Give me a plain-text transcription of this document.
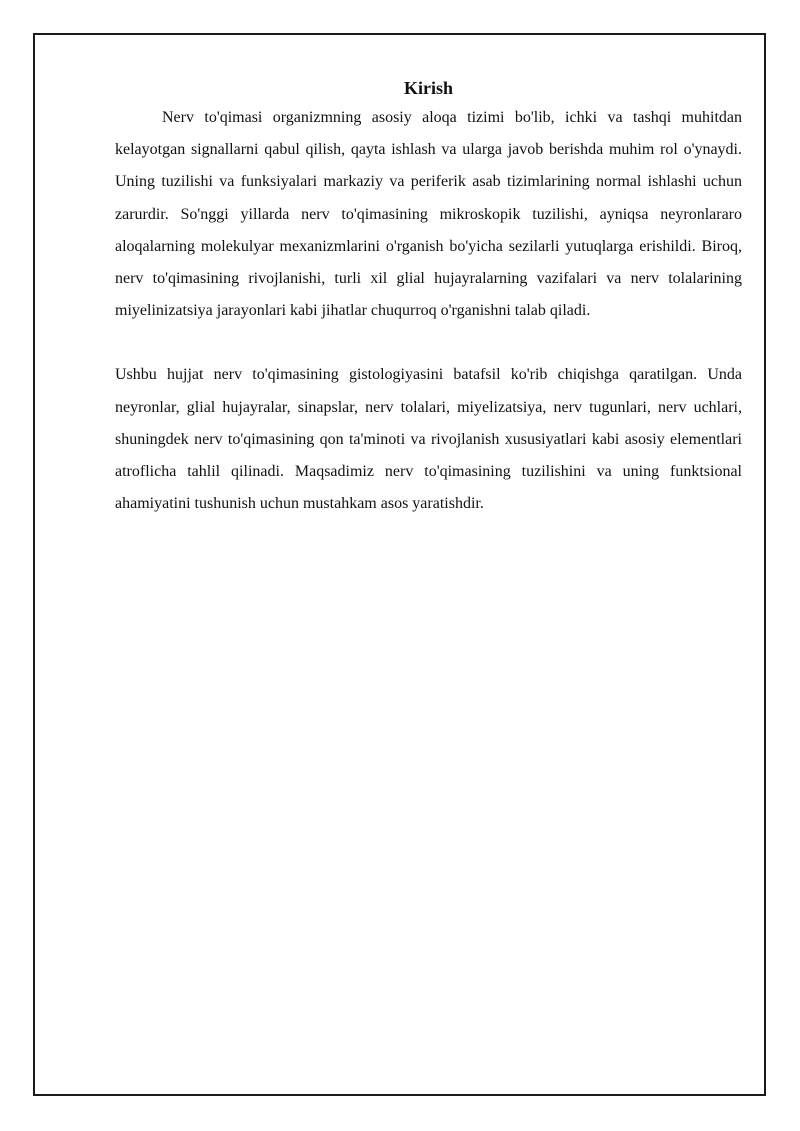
Kirish

Nerv to'qimasi organizmning asosiy aloqa tizimi bo'lib, ichki va tashqi muhitdan kelayotgan signallarni qabul qilish, qayta ishlash va ularga javob berishda muhim rol o'ynaydi. Uning tuzilishi va funksiyalari markaziy va periferik asab tizimlarining normal ishlashi uchun zarurdir. So'nggi yillarda nerv to'qimasining mikroskopik tuzilishi, ayniqsa neyronlararo aloqalarning molekulyar mexanizmlarini o'rganish bo'yicha sezilarli yutuqlarga erishildi. Biroq, nerv to'qimasining rivojlanishi, turli xil glial hujayralarning vazifalari va nerv tolalarining miyelinizatsiya jarayonlari kabi jihatlar chuqurroq o'rganishni talab qiladi.

Ushbu hujjat nerv to'qimasining gistologiyasini batafsil ko'rib chiqishga qaratilgan. Unda neyronlar, glial hujayralar, sinapslar, nerv tolalari, miyelizatsiya, nerv tugunlari, nerv uchlari, shuningdek nerv to'qimasining qon ta'minoti va rivojlanish xususiyatlari kabi asosiy elementlari atroflicha tahlil qilinadi. Maqsadimiz nerv to'qimasining tuzilishini va uning funktsional ahamiyatini tushunish uchun mustahkam asos yaratishdir.
